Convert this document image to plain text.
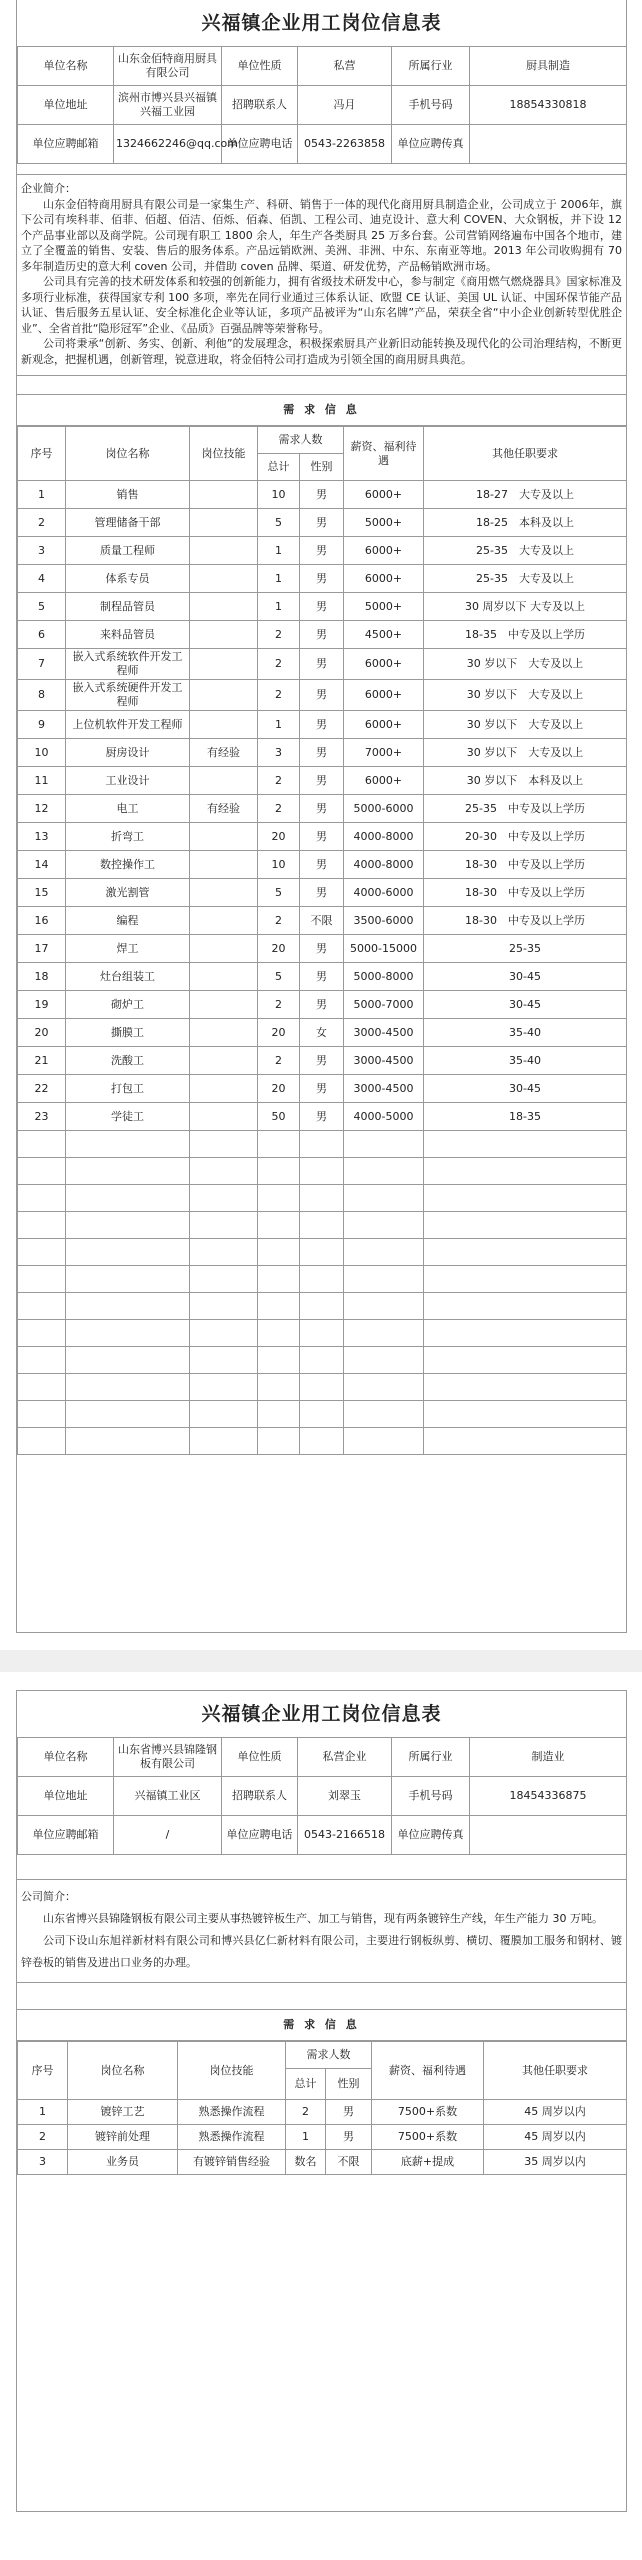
兴福镇企业用工岗位信息表
单位名称	山东金佰特商用厨具有限公司	单位性质	私营	所属行业	厨具制造
单位地址	滨州市博兴县兴福镇兴福工业园	招聘联系人	冯月	手机号码	18854330818
单位应聘邮箱	1324662246@qq.com	单位应聘电话	0543-2263858	单位应聘传真	

企业简介：

山东金佰特商用厨具有限公司是一家集生产、科研、销售于一体的现代化商用厨具制造企业，公司成立于 2006年，旗下公司有埃科菲、佰菲、佰超、佰洁、佰烁、佰森、佰凯、工程公司、迪克设计、意大利 COVEN、大众钢板，并下设 12 个产品事业部以及商学院。公司现有职工 1800 余人，年生产各类厨具 25 万多台套。公司营销网络遍布中国各个地市，建立了全覆盖的销售、安装、售后的服务体系。产品远销欧洲、美洲、非洲、中东、东南亚等地。2013 年公司收购拥有 70 多年制造历史的意大利 coven 公司，并借助 coven 品牌、渠道、研发优势，产品畅销欧洲市场。

公司具有完善的技术研发体系和较强的创新能力，拥有省级技术研发中心，参与制定《商用燃气燃烧器具》国家标准及多项行业标准，获得国家专利 100 多项，率先在同行业通过三体系认证、欧盟 CE 认证、美国 UL 认证、中国环保节能产品认证、售后服务五星认证、安全标准化企业等认证，多项产品被评为“山东名牌”产品，荣获全省“中小企业创新转型优胜企业”、全省首批“隐形冠军”企业、《品质》百强品牌等荣誉称号。

公司将秉承“创新、务实、创新、利他”的发展理念，积极探索厨具产业新旧动能转换及现代化的公司治理结构，不断更新观念，把握机遇，创新管理，锐意进取，将金佰特公司打造成为引领全国的商用厨具典范。

需 求 信 息
序号	岗位名称	岗位技能	需求人数		薪资、福利待遇	其他任职要求
			总计	性别		
1	销售		10	男	6000+	18-27　大专及以上
2	管理储备干部		5	男	5000+	18-25　本科及以上
3	质量工程师		1	男	6000+	25-35　大专及以上
4	体系专员		1	男	6000+	25-35　大专及以上
5	制程品管员		1	男	5000+	30 周岁以下 大专及以上
6	来料品管员		2	男	4500+	18-35　中专及以上学历
7	嵌入式系统软件开发工程师		2	男	6000+	30 岁以下　大专及以上
8	嵌入式系统硬件开发工程师		2	男	6000+	30 岁以下　大专及以上
9	上位机软件开发工程师		1	男	6000+	30 岁以下　大专及以上
10	厨房设计	有经验	3	男	7000+	30 岁以下　大专及以上
11	工业设计		2	男	6000+	30 岁以下　本科及以上
12	电工	有经验	2	男	5000-6000	25-35　中专及以上学历
13	折弯工		20	男	4000-8000	20-30　中专及以上学历
14	数控操作工		10	男	4000-8000	18-30　中专及以上学历
15	激光割管		5	男	4000-6000	18-30　中专及以上学历
16	编程		2	不限	3500-6000	18-30　中专及以上学历
17	焊工		20	男	5000-15000	25-35
18	灶台组装工		5	男	5000-8000	30-45
19	砌炉工		2	男	5000-7000	30-45
20	撕膜工		20	女	3000-4500	35-40
21	洗酸工		2	男	3000-4500	35-40
22	打包工		20	男	3000-4500	30-45
23	学徒工		50	男	4000-5000	18-35

兴福镇企业用工岗位信息表
单位名称	山东省博兴县锦隆钢板有限公司	单位性质	私营企业	所属行业	制造业
单位地址	兴福镇工业区	招聘联系人	刘翠玉	手机号码	18454336875
单位应聘邮箱	/	单位应聘电话	0543-2166518	单位应聘传真	

公司简介：

山东省博兴县锦隆钢板有限公司主要从事热镀锌板生产、加工与销售，现有两条镀锌生产线，年生产能力 30 万吨。

公司下设山东旭祥新材料有限公司和博兴县亿仁新材料有限公司，主要进行钢板纵剪、横切、覆膜加工服务和钢材、镀锌卷板的销售及进出口业务的办理。

需 求 信 息
序号	岗位名称	岗位技能	需求人数		薪资、福利待遇	其他任职要求
			总计	性别		
1	镀锌工艺	熟悉操作流程	2	男	7500+系数	45 周岁以内
2	镀锌前处理	熟悉操作流程	1	男	7500+系数	45 周岁以内
3	业务员	有镀锌销售经验	数名	不限	底薪+提成	35 周岁以内
